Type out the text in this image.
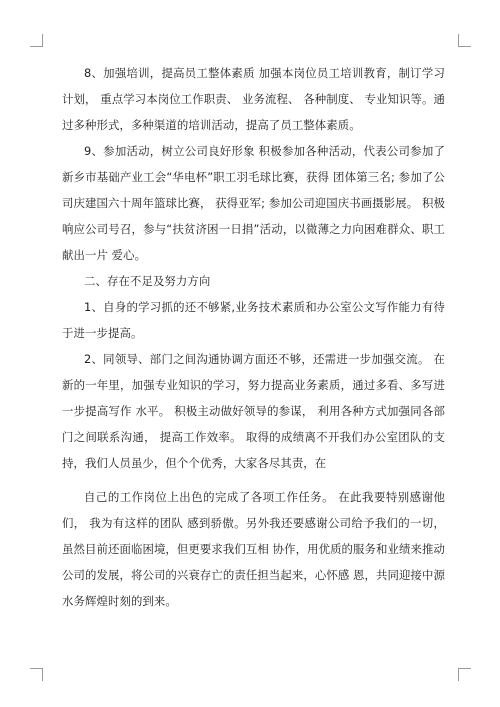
8、加强培训，提高员工整体素质 加强本岗位员工培训教育，制订学习计划， 重点学习本岗位工作职责、 业务流程、 各种制度、 专业知识等。通过多种形式，多种渠道的培训活动，提高了员工整体素质。

9、参加活动，树立公司良好形象 积极参加各种活动，代表公司参加了新乡市基础产业工会“华电杯”职工羽毛球比赛，获得 团体第三名; 参加了公司庆建国六十周年篮球比赛， 获得亚军; 参加公司迎国庆书画摄影展。 积极响应公司号召，参与“扶贫济困一日捐”活动，以微薄之力向困难群众、职工献出一片 爱心。

二、存在不足及努力方向

1、自身的学习抓的还不够紧,业务技术素质和办公室公文写作能力有待于进一步提高。

2、同领导、部门之间沟通协调方面还不够，还需进一步加强交流。 在新的一年里，加强专业知识的学习，努力提高业务素质，通过多看、多写进一步提高写作 水平。 积极主动做好领导的参谋， 利用各种方式加强同各部门之间联系沟通， 提高工作效率。 取得的成绩离不开我们办公室团队的支持，我们人员虽少，但个个优秀，大家各尽其责，在

自己的工作岗位上出色的完成了各项工作任务。 在此我要特别感谢他们， 我为有这样的团队 感到骄傲。另外我还要感谢公司给予我们的一切，虽然目前还面临困境，但更要求我们互相 协作，用优质的服务和业绩来推动公司的发展，将公司的兴衰存亡的责任担当起来，心怀感 恩，共同迎接中源水务辉煌时刻的到来。
